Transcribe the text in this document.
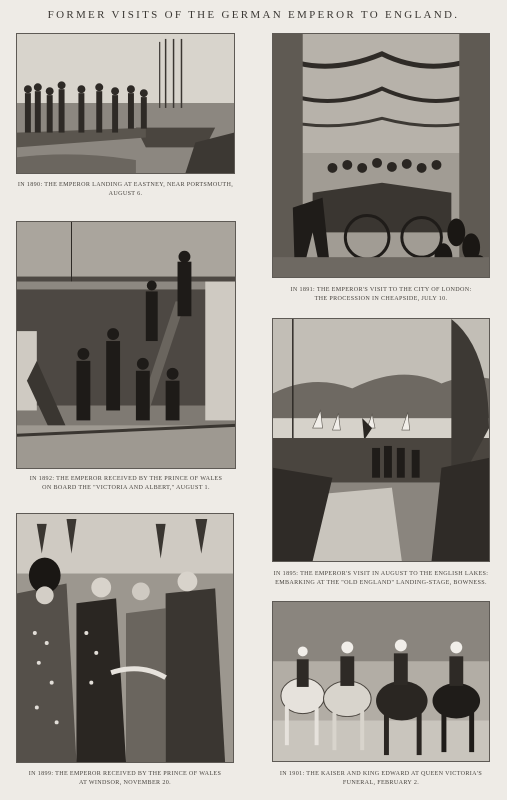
FORMER VISITS OF THE GERMAN EMPEROR TO ENGLAND.
IN 1890: THE EMPEROR LANDING AT EASTNEY, NEAR PORTSMOUTH,
AUGUST 6.
IN 1891: THE EMPEROR'S VISIT TO THE CITY OF LONDON:
THE PROCESSION IN CHEAPSIDE, JULY 10.
IN 1892: THE EMPEROR RECEIVED BY THE PRINCE OF WALES
ON BOARD THE "VICTORIA AND ALBERT," AUGUST 1.
IN 1895: THE EMPEROR'S VISIT IN AUGUST TO THE ENGLISH LAKES:
EMBARKING AT THE "OLD ENGLAND" LANDING-STAGE, BOWNESS.
IN 1899: THE EMPEROR RECEIVED BY THE PRINCE OF WALES
AT WINDSOR, NOVEMBER 20.
IN 1901: THE KAISER AND KING EDWARD AT QUEEN VICTORIA'S
FUNERAL, FEBRUARY 2.
